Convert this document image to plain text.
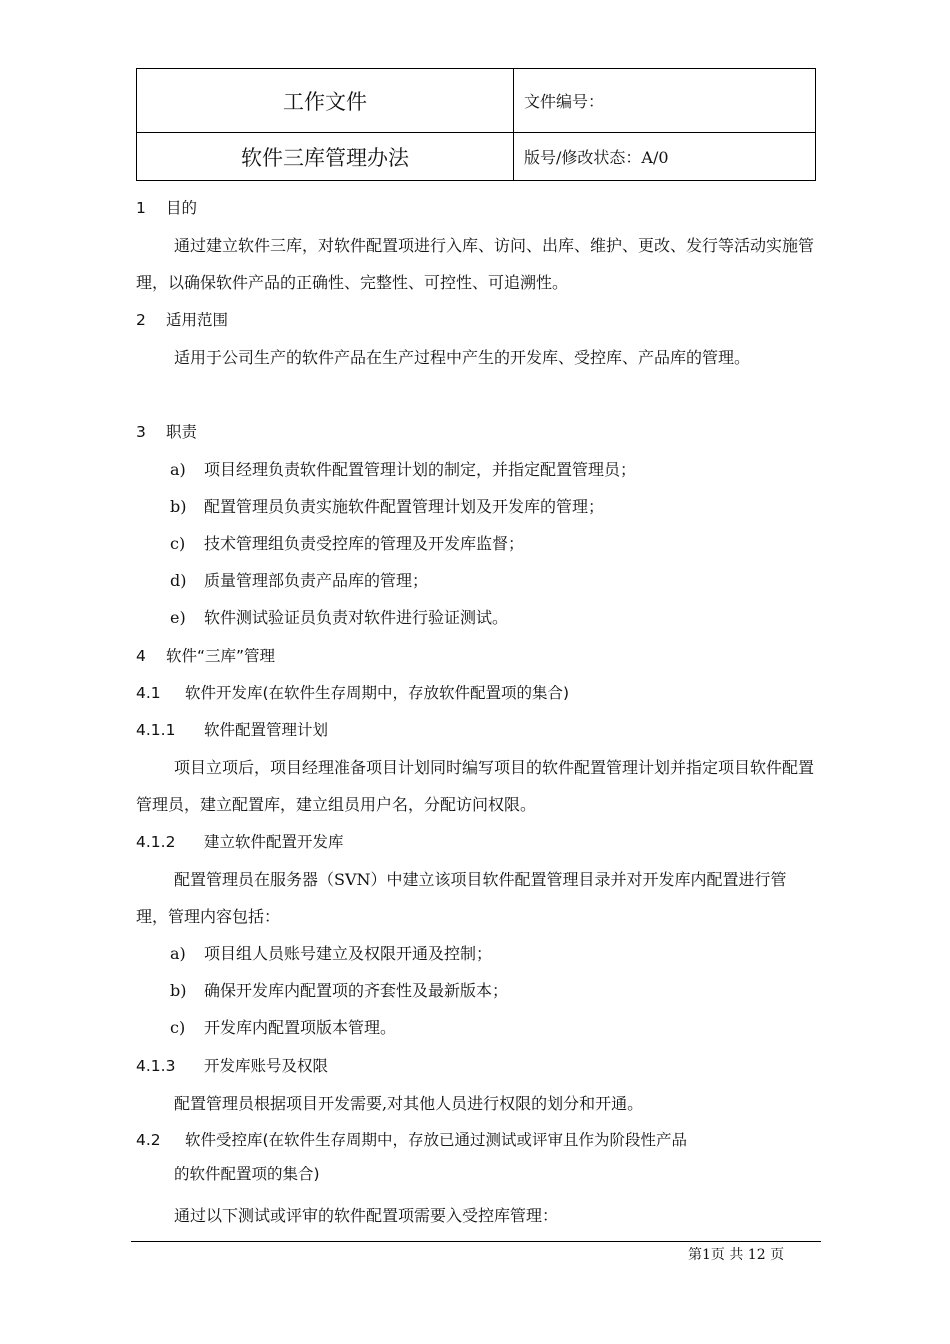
工作文件	文件编号：
软件三库管理办法	版号/修改状态：A/0
1 目的
通过建立软件三库，对软件配置项进行入库、访问、出库、维护、更改、发行等活动实施管理，以确保软件产品的正确性、完整性、可控性、可追溯性。
2 适用范围
适用于公司生产的软件产品在生产过程中产生的开发库、受控库、产品库的管理。
3 职责
a) 项目经理负责软件配置管理计划的制定，并指定配置管理员；
b) 配置管理员负责实施软件配置管理计划及开发库的管理；
c) 技术管理组负责受控库的管理及开发库监督；
d) 质量管理部负责产品库的管理；
e) 软件测试验证员负责对软件进行验证测试。
4 软件“三库”管理
4.1 软件开发库(在软件生存周期中，存放软件配置项的集合)
4.1.1 软件配置管理计划
项目立项后，项目经理准备项目计划同时编写项目的软件配置管理计划并指定项目软件配置管理员，建立配置库，建立组员用户名，分配访问权限。
4.1.2 建立软件配置开发库
配置管理员在服务器（SVN）中建立该项目软件配置管理目录并对开发库内配置进行管理，管理内容包括：
a) 项目组人员账号建立及权限开通及控制；
b) 确保开发库内配置项的齐套性及最新版本；
c) 开发库内配置项版本管理。
4.1.3 开发库账号及权限
配置管理员根据项目开发需要,对其他人员进行权限的划分和开通。
4.2 软件受控库(在软件生存周期中，存放已通过测试或评审且作为阶段性产品
的软件配置项的集合)
通过以下测试或评审的软件配置项需要入受控库管理：
第1页 共 12 页
